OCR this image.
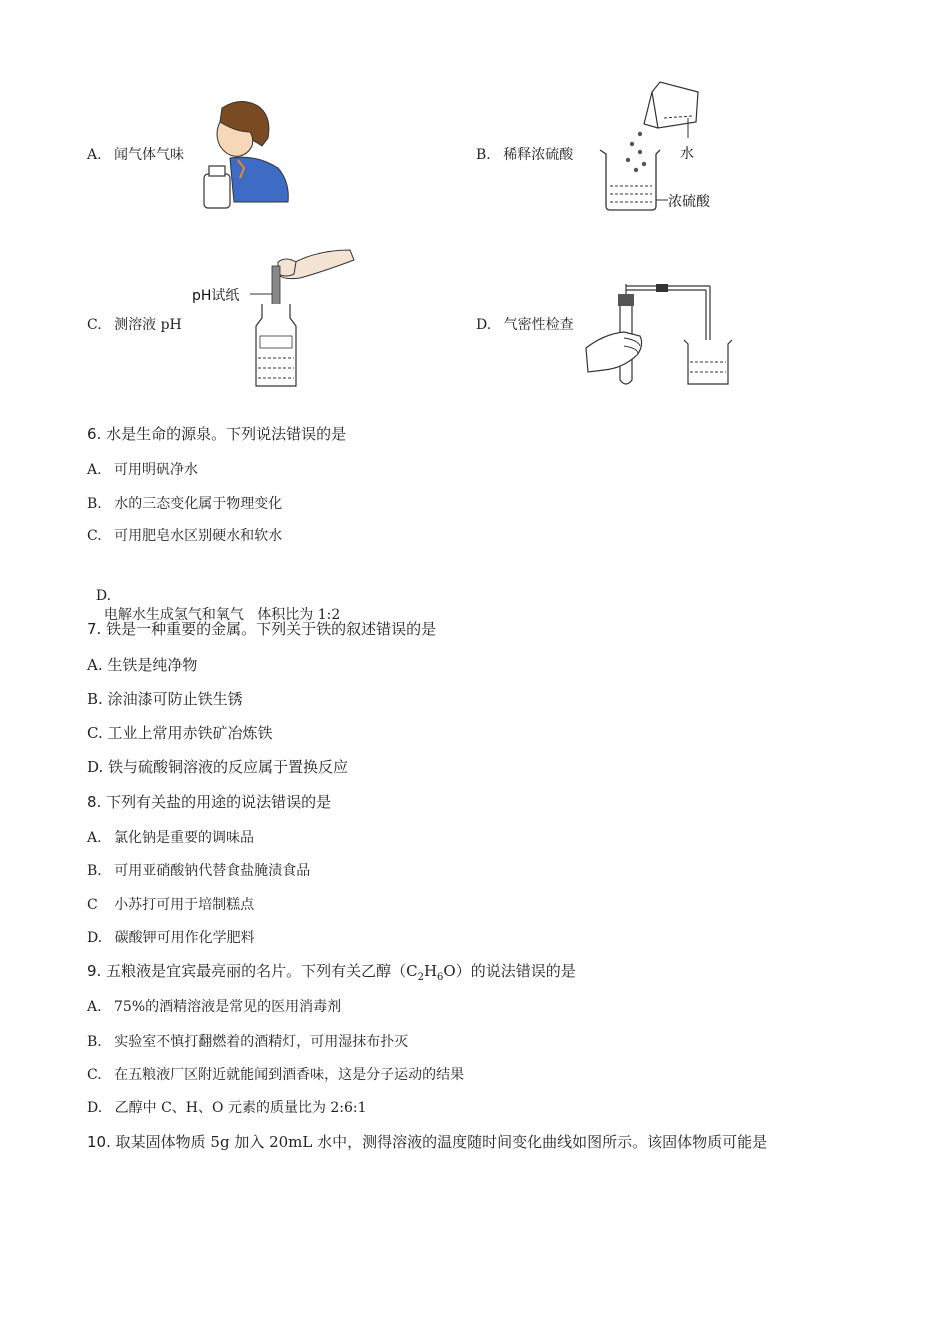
A. 闻气体气味	B. 稀释浓硫酸	水
浓硫酸
C. 测溶液 pH
pH试纸
D. 气密性检查
6. 水是生命的源泉。下列说法错误的是
A. 可用明矾净水
B. 水的三态变化属于物理变化
C. 可用肥皂水区别硬水和软水

D.
电解水生成氢气和氧气   体积比为 1:2

7. 铁是一种重要的金属。下列关于铁的叙述错误的是
A. 生铁是纯净物
B. 涂油漆可防止铁生锈
C. 工业上常用赤铁矿冶炼铁
D. 铁与硫酸铜溶液的反应属于置换反应
8. 下列有关盐的用途的说法错误的是
A. 氯化钠是重要的调味品
B. 可用亚硝酸钠代替食盐腌渍食品
C 小苏打可用于培制糕点
D. 碳酸钾可用作化学肥料
9. 五粮液是宜宾最亮丽的名片。下列有关乙醇$(C_2H_6O)$的说法错误的是
A. 75%的酒精溶液是常见的医用消毒剂
B. 实验室不慎打翻燃着的酒精灯，可用湿抹布扑灭
C. 在五粮液厂区附近就能闻到酒香味，这是分子运动的结果
D. 乙醇中 C、H、O 元素的质量比为 2:6:1
10. 取某固体物质 5g 加入 20mL 水中，测得溶液的温度随时间变化曲线如图所示。该固体物质可能是
